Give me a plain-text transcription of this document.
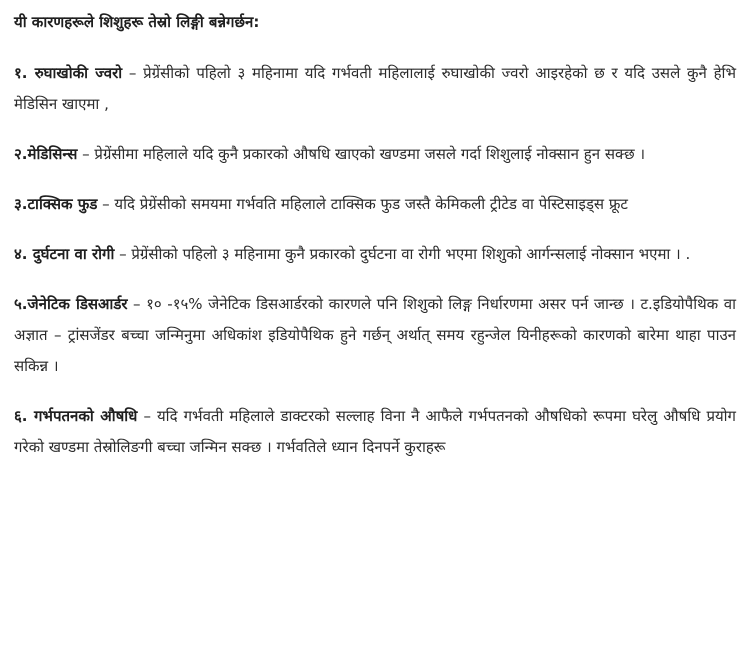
यी कारणहरूले शिशुहरू तेस्रो लिङ्गी बन्नेगर्छन:

१. रुघाखोकी ज्वरो – प्रेग्रेंसीको पहिलो ३ महिनामा यदि गर्भवती महिलालाई रुघाखोकी ज्वरो आइरहेको छ र यदि उसले कुनै हेभि मेडिसिन खाएमा ,

२.मेडिसिन्स – प्रेग्रेंसीमा महिलाले यदि कुनै प्रकारको औषधि खाएको खण्डमा जसले गर्दा शिशुलाई नोक्सान हुन सक्छ ।

३.टाक्सिक फुड – यदि प्रेग्रेंसीको समयमा गर्भवति महिलाले टाक्सिक फुड जस्तै केमिकली ट्रीटेड वा पेस्टिसाइड्स फ्रूट

४. दुर्घटना वा रोगी – प्रेग्रेंसीको पहिलो ३ महिनामा कुनै प्रकारको दुर्घटना वा रोगी भएमा शिशुको आर्गन्सलाई नोक्सान भएमा । .

५.जेनेटिक डिसआर्डर – १० -१५% जेनेटिक डिसआर्डरको कारणले पनि शिशुको लिङ्ग निर्धारणमा असर पर्न जान्छ । ट.इडियोपैथिक वा अज्ञात – ट्रांसजेंडर बच्चा जन्मिनुमा अधिकांश इडियोपैथिक हुने गर्छन् अर्थात् समय रहुन्जेल यिनीहरूको कारणको बारेमा थाहा पाउन सकिन्न ।

६. गर्भपतनको औषधि – यदि गर्भवती महिलाले डाक्टरको सल्लाह विना नै आफैले गर्भपतनको औषधिको रूपमा घरेलु औषधि प्रयोग गरेको खण्डमा तेस्रोलिङगी बच्चा जन्मिन सक्छ । गर्भवतिले ध्यान दिनपर्ने कुराहरू
